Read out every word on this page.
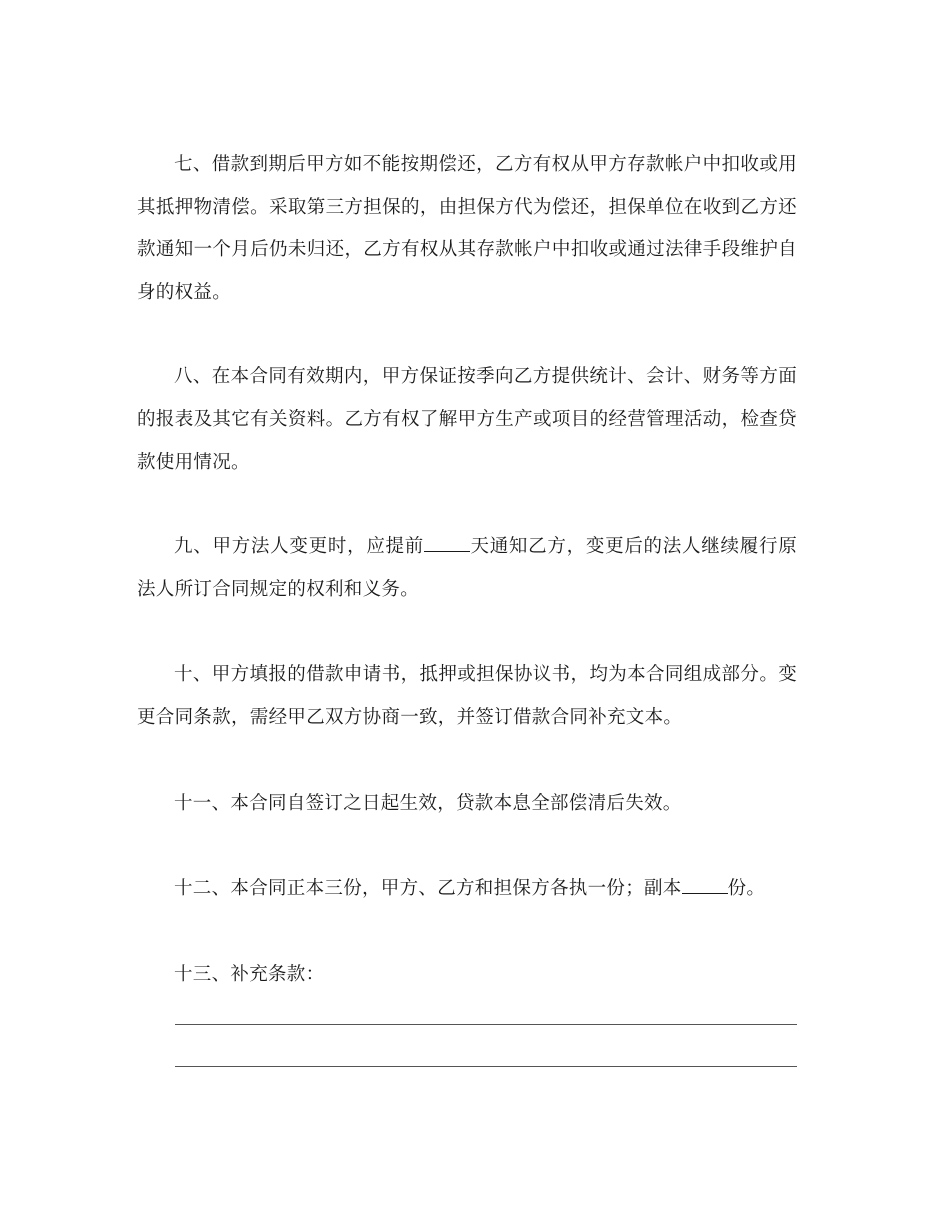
七、借款到期后甲方如不能按期偿还，乙方有权从甲方存款帐户中扣收或用其抵押物清偿。采取第三方担保的，由担保方代为偿还，担保单位在收到乙方还款通知一个月后仍未归还，乙方有权从其存款帐户中扣收或通过法律手段维护自身的权益。

八、在本合同有效期内，甲方保证按季向乙方提供统计、会计、财务等方面的报表及其它有关资料。乙方有权了解甲方生产或项目的经营管理活动，检查贷款使用情况。

九、甲方法人变更时，应提前 天通知乙方，变更后的法人继续履行原法人所订合同规定的权利和义务。

十、甲方填报的借款申请书，抵押或担保协议书，均为本合同组成部分。变更合同条款，需经甲乙双方协商一致，并签订借款合同补充文本。

十一、本合同自签订之日起生效，贷款本息全部偿清后失效。

十二、本合同正本三份，甲方、乙方和担保方各执一份；副本 份。

十三、补充条款：
